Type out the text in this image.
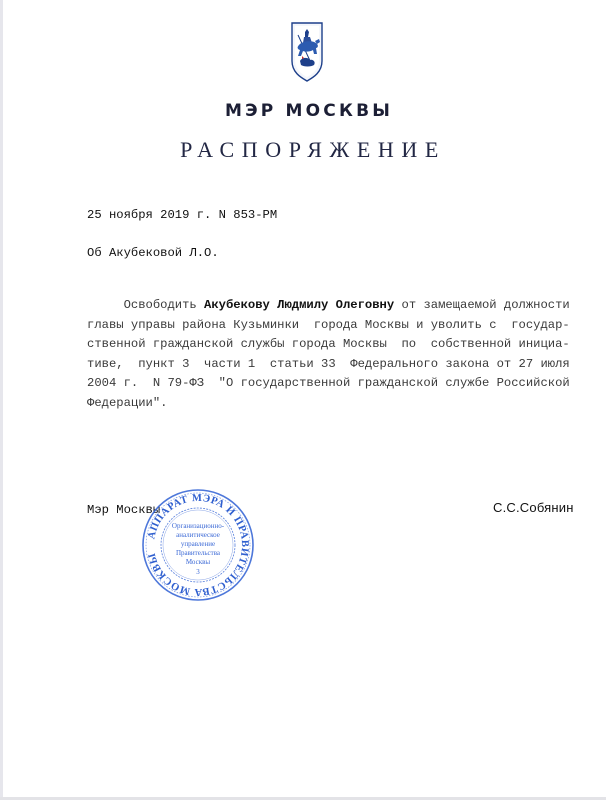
МЭР МОСКВЫ
РАСПОРЯЖЕНИЕ
25 ноября 2019 г. N 853-РМ
Об Акубековой Л.О.
Освободить Акубекову Людмилу Олеговну от замещаемой должности
главы управы района Кузьминки  города Москвы и уволить с  государ-
ственной гражданской службы города Москвы  по  собственной инициа-
тиве,  пункт 3  части 1  статьи 33  Федерального закона от 27 июля
2004 г.  N 79-ФЗ  "О государственной гражданской службе Российской
Федерации".
Мэр Москвы	С.С.Собянин
АППАРАТ МЭРА И ПРАВИТЕЛЬСТВА МОСКВЫ
Организационно-
аналитическое
управление
Правительства
Москвы
3
